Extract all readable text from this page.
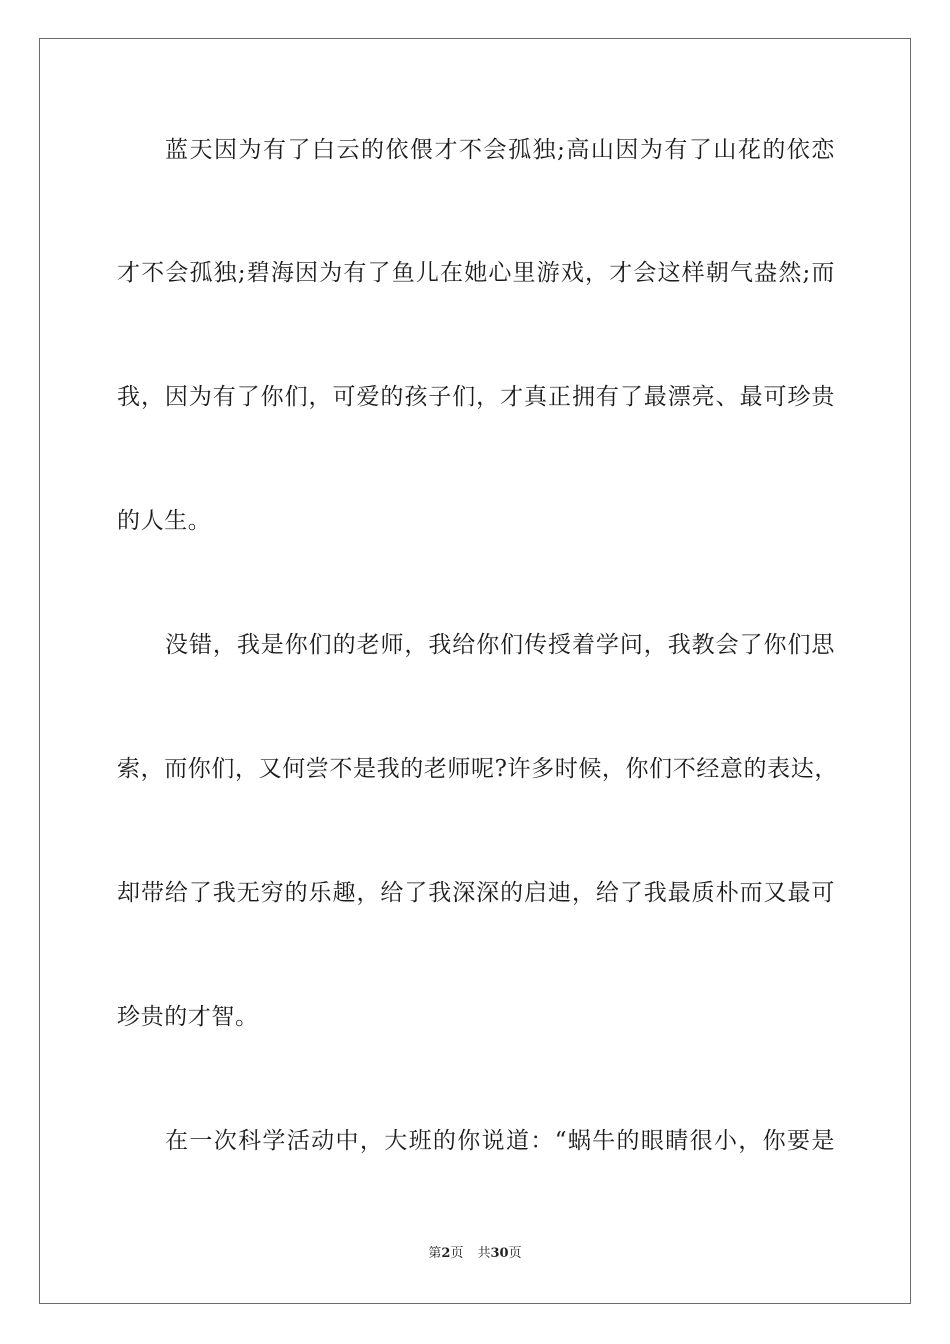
蓝天因为有了白云的依偎才不会孤独;高山因为有了山花的依恋
才不会孤独;碧海因为有了鱼儿在她心里游戏，才会这样朝气盎然;而
我，因为有了你们，可爱的孩子们，才真正拥有了最漂亮、最可珍贵
的人生。
没错，我是你们的老师，我给你们传授着学问，我教会了你们思
索，而你们，又何尝不是我的老师呢?许多时候，你们不经意的表达，
却带给了我无穷的乐趣，给了我深深的启迪，给了我最质朴而又最可
珍贵的才智。
在一次科学活动中，大班的你说道：“蜗牛的眼睛很小，你要是
第2页 共30页
